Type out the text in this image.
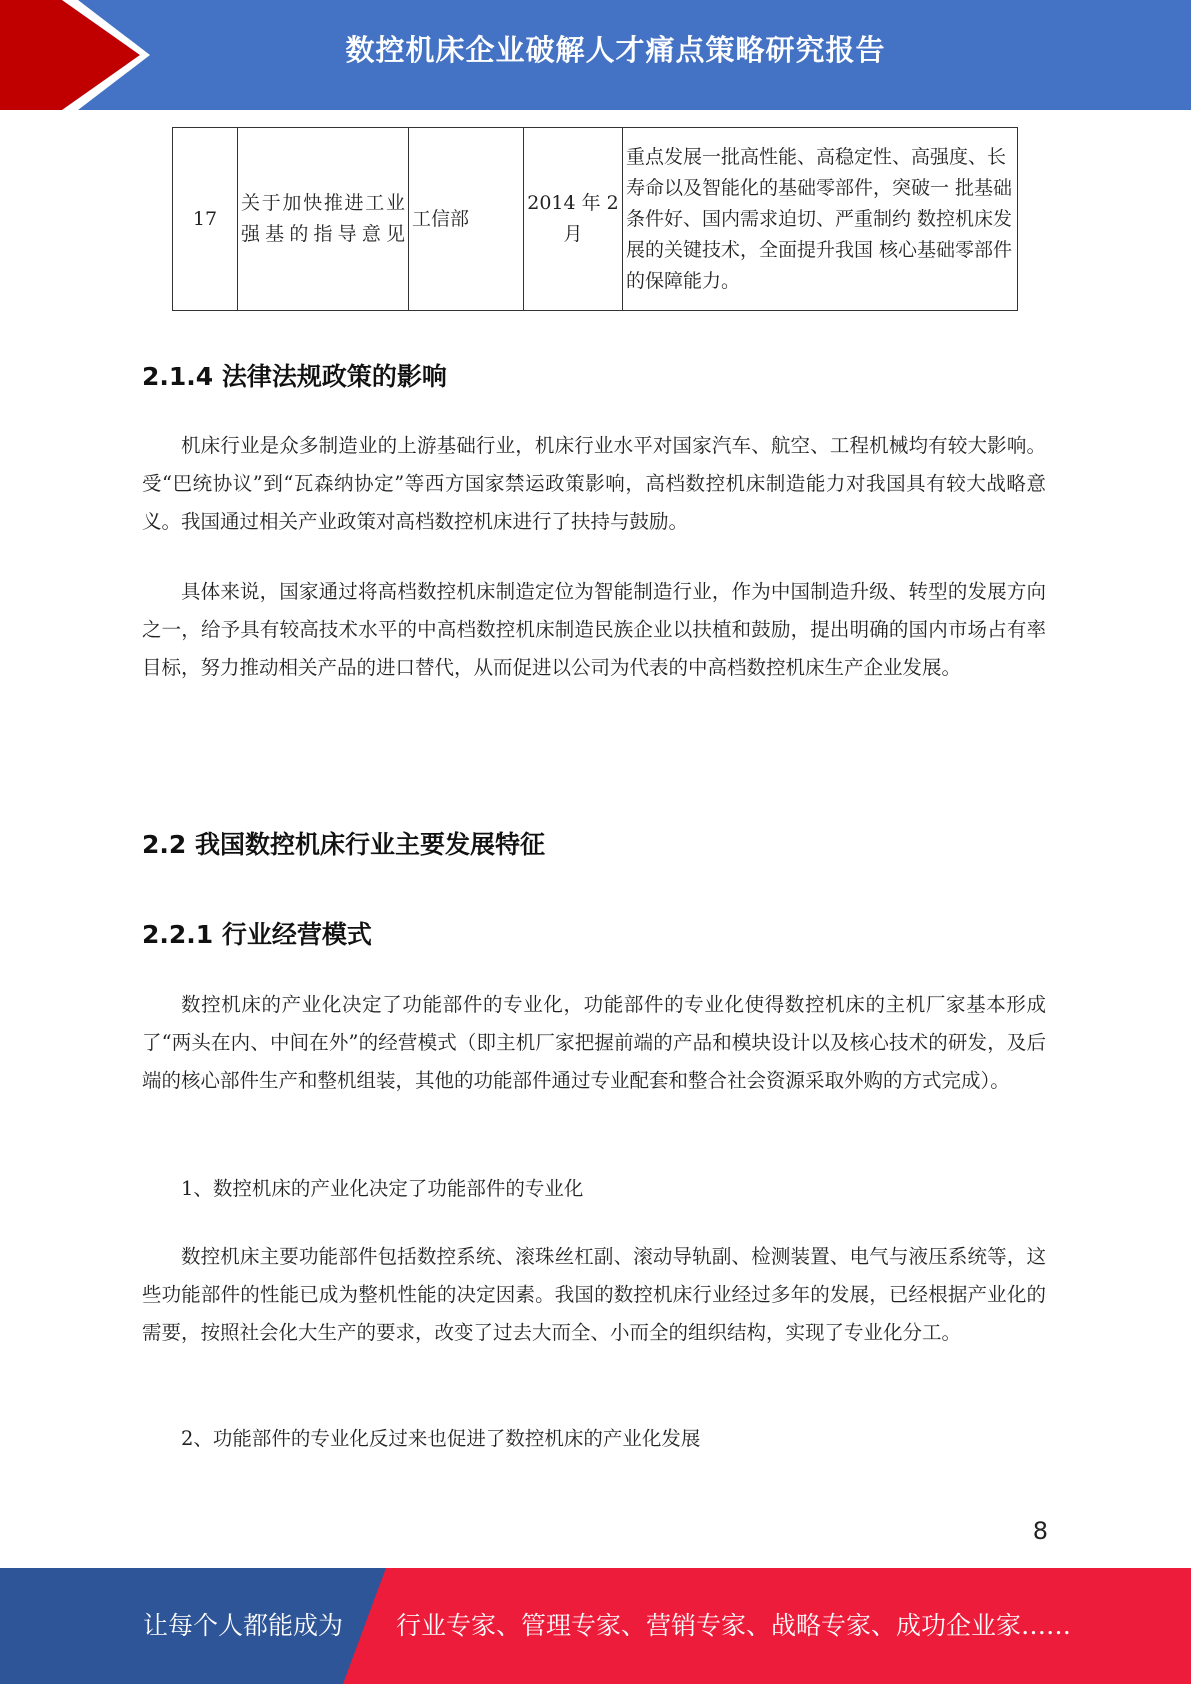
数控机床企业破解人才痛点策略研究报告
17	关于加快推进工业强基的指导意见	工信部	2014 年 2 月	重点发展一批高性能、高稳定性、高强度、长寿命以及智能化的基础零部件，突破一 批基础条件好、国内需求迫切、严重制约 数控机床发展的关键技术，全面提升我国 核心基础零部件的保障能力。
2.1.4 法律法规政策的影响

机床行业是众多制造业的上游基础行业，机床行业水平对国家汽车、航空、工程机械均有较大影响。受“巴统协议”到“瓦森纳协定”等西方国家禁运政策影响，高档数控机床制造能力对我国具有较大战略意义。我国通过相关产业政策对高档数控机床进行了扶持与鼓励。

具体来说，国家通过将高档数控机床制造定位为智能制造行业，作为中国制造升级、转型的发展方向之一，给予具有较高技术水平的中高档数控机床制造民族企业以扶植和鼓励，提出明确的国内市场占有率目标，努力推动相关产品的进口替代，从而促进以公司为代表的中高档数控机床生产企业发展。

2.2 我国数控机床行业主要发展特征
2.2.1 行业经营模式

数控机床的产业化决定了功能部件的专业化，功能部件的专业化使得数控机床的主机厂家基本形成了“两头在内、中间在外”的经营模式（即主机厂家把握前端的产品和模块设计以及核心技术的研发，及后端的核心部件生产和整机组装，其他的功能部件通过专业配套和整合社会资源采取外购的方式完成）。

1、数控机床的产业化决定了功能部件的专业化

数控机床主要功能部件包括数控系统、滚珠丝杠副、滚动导轨副、检测装置、电气与液压系统等，这些功能部件的性能已成为整机性能的决定因素。我国的数控机床行业经过多年的发展，已经根据产业化的需要，按照社会化大生产的要求，改变了过去大而全、小而全的组织结构，实现了专业化分工。

2、功能部件的专业化反过来也促进了数控机床的产业化发展

8
让每个人都能成为 行业专家、管理专家、营销专家、战略专家、成功企业家……
